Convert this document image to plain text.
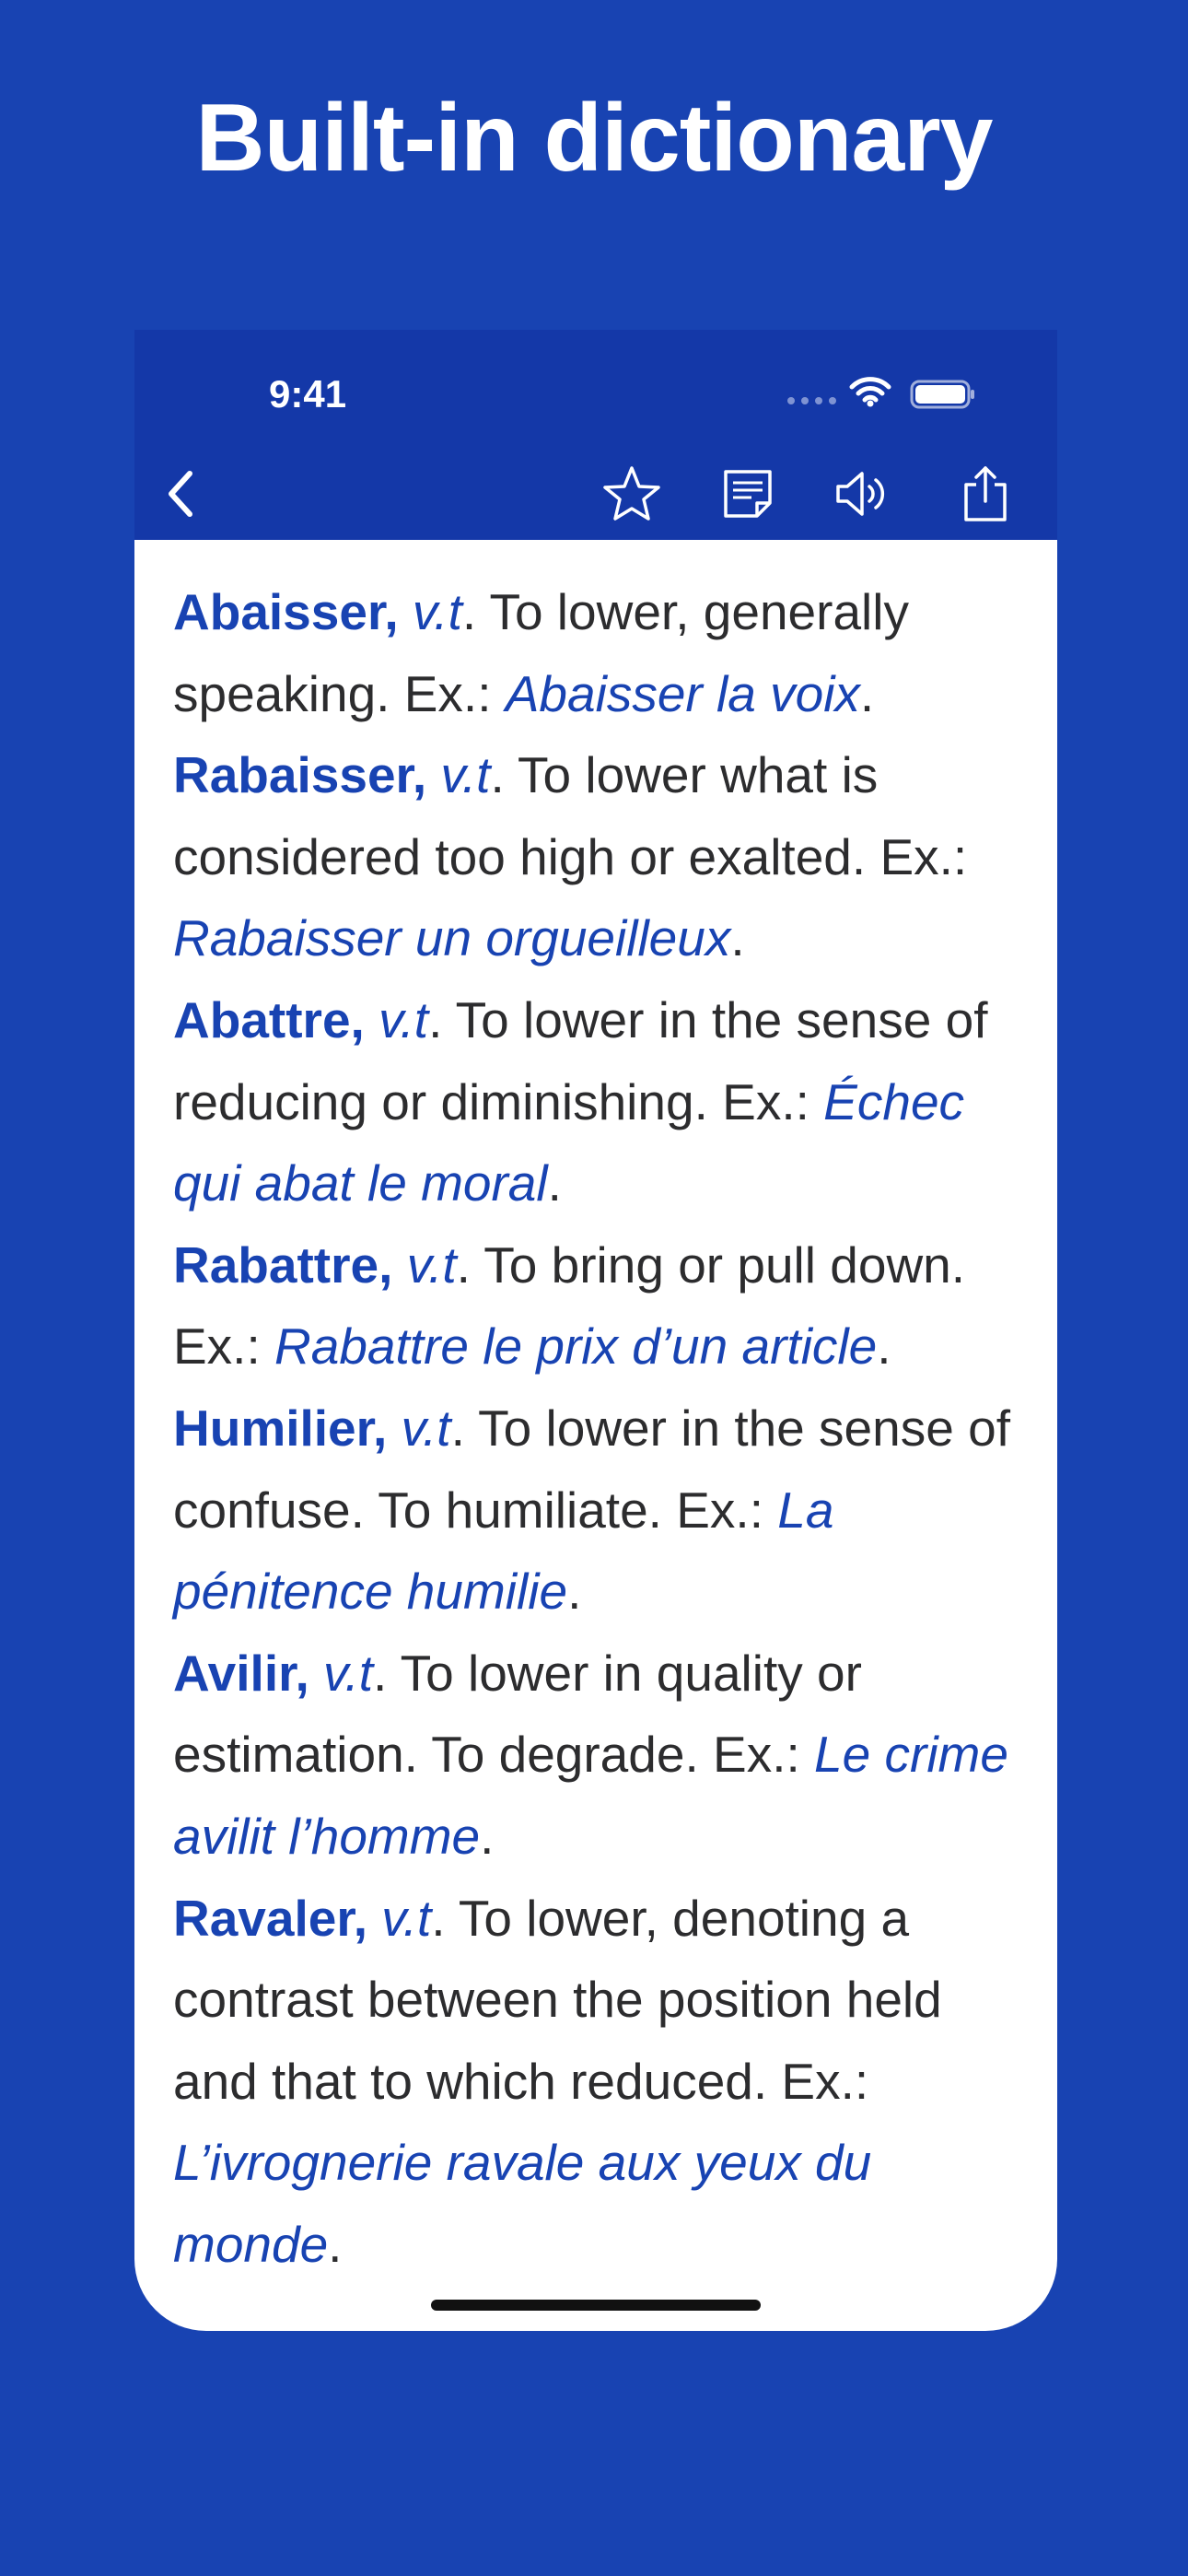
Built-in dictionary
9:41

Abaisser, v.t. To lower, generally speaking. Ex.: Abaisser la voix.

Rabaisser, v.t. To lower what is considered too high or exalted. Ex.: Rabaisser un orgueilleux.

Abattre, v.t. To lower in the sense of reducing or diminishing. Ex.: Échec qui abat le moral.

Rabattre, v.t. To bring or pull down. Ex.: Rabattre le prix d’un article.

Humilier, v.t. To lower in the sense of confuse. To humiliate. Ex.: La pénitence humilie.

Avilir, v.t. To lower in quality or estimation. To degrade. Ex.: Le crime avilit l’homme.

Ravaler, v.t. To lower, denoting a contrast between the position held and that to which reduced. Ex.: L’ivrognerie ravale aux yeux du monde.
